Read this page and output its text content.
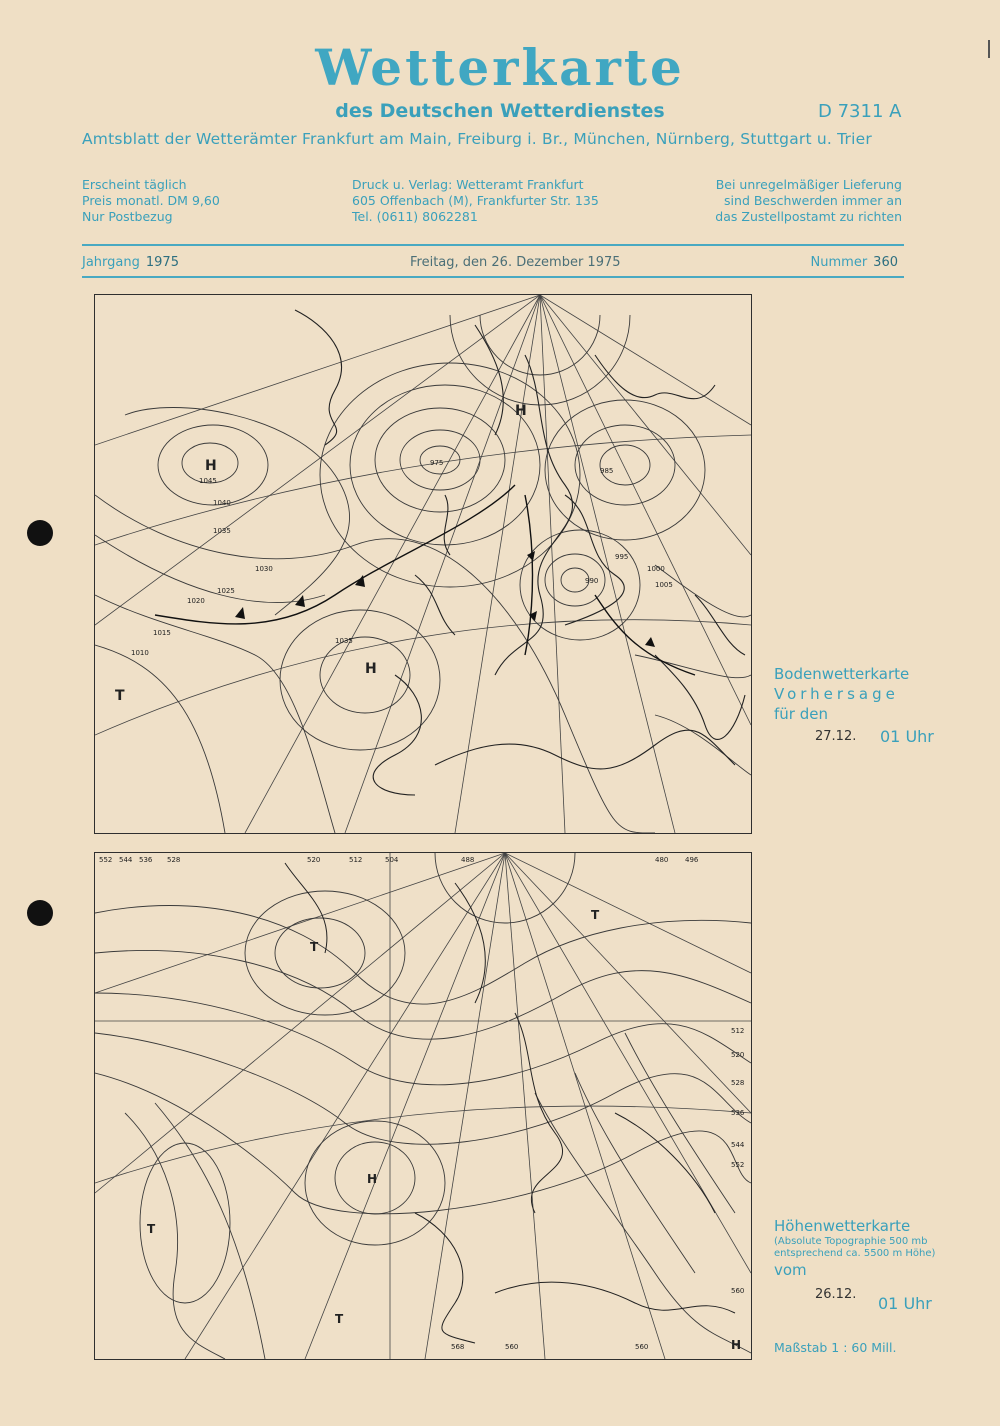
Wetterkarte
des Deutschen Wetterdienstes	D 7311 A
Amtsblatt der Wetterämter Frankfurt am Main, Freiburg i. Br., München, Nürnberg, Stuttgart u. Trier
Erscheint täglich
Preis monatl. DM 9,60
Nur Postbezug
Druck u. Verlag: Wetteramt Frankfurt
605 Offenbach (M), Frankfurter Str. 135
Tel. (0611) 8062281
Bei unregelmäßiger Lieferung
sind Beschwerden immer an
das Zustellpostamt zu richten
Jahrgang 1975	Freitag, den 26. Dezember 1975	Nummer 360
H
H
H
T
1045
1035
1040
1035
1030
1025
1020
1015
1010
1005
1000
995
990
985
975
Bodenwetterkarte
Vorhersage
für den
27.12. 01 Uhr
T
T
H
T
T
H
552 544 536 528	520	512	504	496
488	480
512
520
528
536
544
552
560
568	560	560
Höhenwetterkarte
(Absolute Topographie 500 mb
entsprechend ca. 5500 m Höhe)
vom
26.12. 01 Uhr
Maßstab 1 : 60 Mill.
